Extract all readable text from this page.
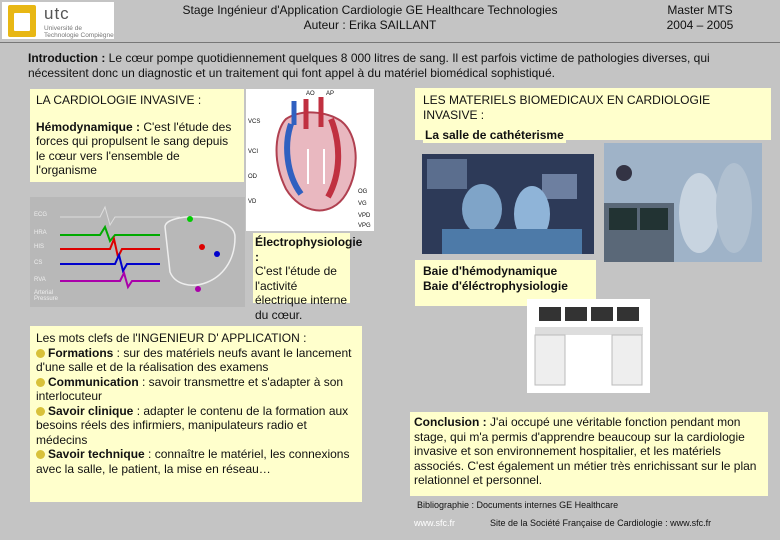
utc
Université de Technologie Compiègne
Stage Ingénieur d'Application Cardiologie GE Healthcare Technologies
Auteur : Erika SAILLANT
Master MTS
2004 – 2005
Introduction : Le cœur pompe quotidiennement quelques 8 000 litres de sang. Il est parfois victime de pathologies diverses, qui nécessitent donc un diagnostic et un traitement qui font appel à du matériel biomédical sophistiqué.
LA CARDIOLOGIE INVASIVE :
Hémodynamique : C'est l'étude des forces qui propulsent le sang depuis le cœur vers l'ensemble de l'organisme
VCS
VCI
OD
VD
OG
VG
VPD
VPG
AO AP
ECG
HRA
HIS
CS
RVA
Arterial Pressure
Électrophysiologie :
C'est l'étude de l'activité électrique interne du cœur.
Les mots clefs de l'INGENIEUR D' APPLICATION :
Formations : sur des matériels neufs avant le lancement d'une salle et de la réalisation des examens
Communication : savoir transmettre et s'adapter à son interlocuteur
Savoir clinique : adapter le contenu de la formation aux besoins réels des infirmiers, manipulateurs radio et médecins
Savoir technique : connaître le matériel, les connexions avec la salle, le patient, la mise en réseau…
LES MATERIELS BIOMEDICAUX EN CARDIOLOGIE INVASIVE :
La salle de cathéterisme
Baie d'hémodynamique
Baie d'éléctrophysiologie
Conclusion : J'ai occupé une véritable fonction pendant mon stage, qui m'a permis d'apprendre beaucoup sur la cardiologie invasive et son environnement hospitalier, et les matériels associés. C'est également un métier très enrichissant sur le plan relationnel et personnel.
Bibliographie : Documents internes GE Healthcare
www.sfc.fr	Site de la Société Française de Cardiologie : www.sfc.fr
